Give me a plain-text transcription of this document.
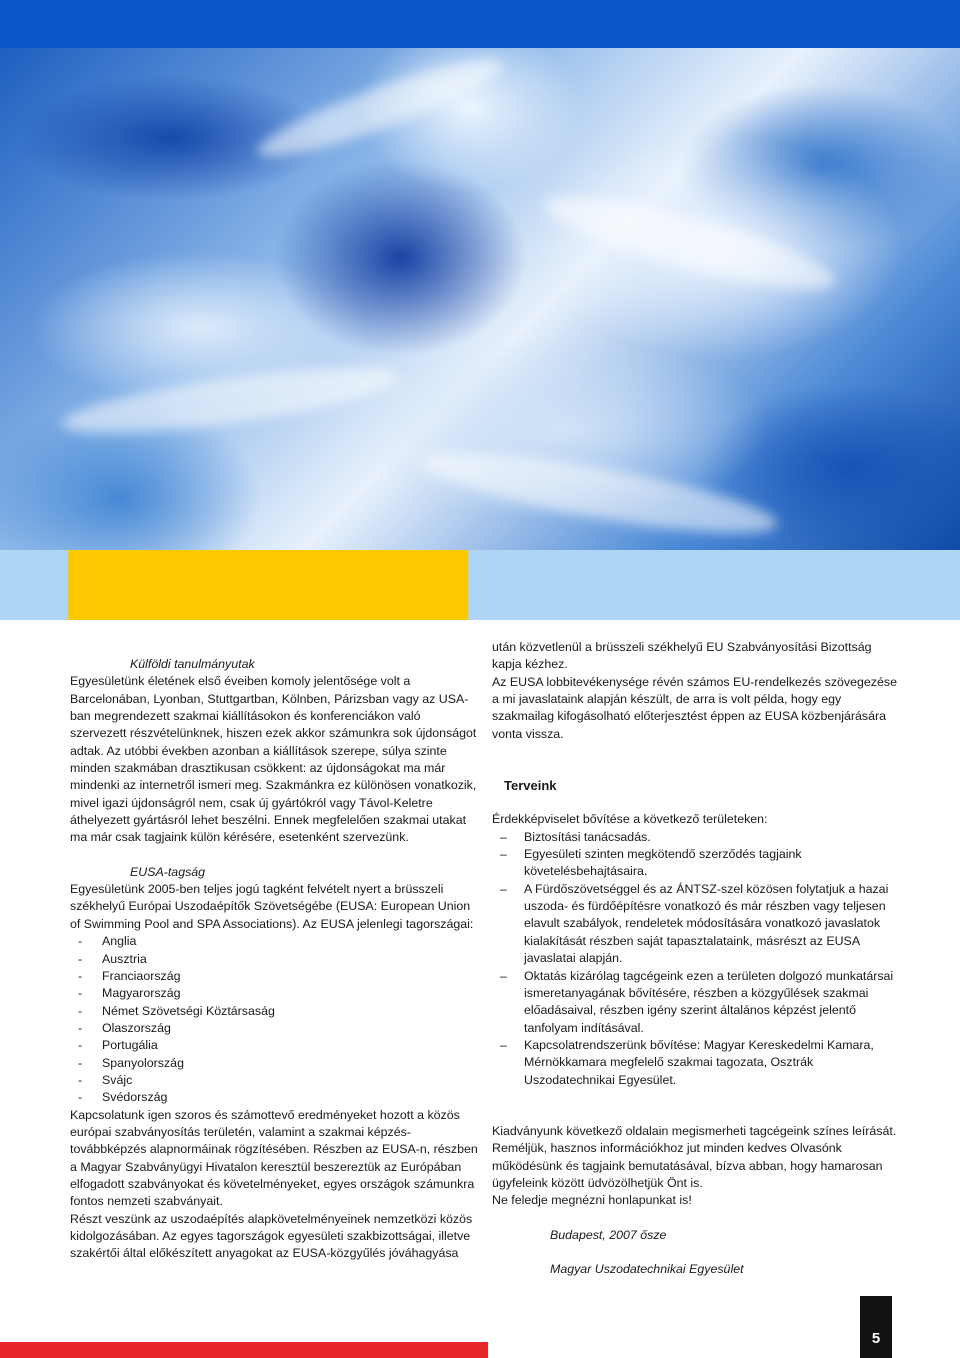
Külföldi tanulmányutak

Egyesületünk életének első éveiben komoly jelentősége volt a Barcelonában, Lyonban, Stuttgartban, Kölnben, Párizsban vagy az USA-ban megrendezett szakmai kiállításokon és konferenciákon való szervezett részvételünknek, hiszen ezek akkor számunkra sok újdonságot adtak. Az utóbbi években azonban a kiállítások szerepe, súlya szinte minden szakmában drasztikusan csökkent: az újdonságokat ma már mindenki az internetről ismeri meg. Szakmánkra ez különösen vonatkozik, mivel igazi újdonságról nem, csak új gyártókról vagy Távol-Keletre áthelyezett gyártásról lehet beszélni. Ennek megfelelően szakmai utakat ma már csak tagjaink külön kérésére, esetenként szervezünk.

EUSA-tagság

Egyesületünk 2005-ben teljes jogú tagként felvételt nyert a brüsszeli székhelyű Európai Uszodaépítők Szövetségébe (EUSA: European Union of Swimming Pool and SPA Associations). Az EUSA jelenlegi tagországai:

- Anglia
- Ausztria
- Franciaország
- Magyarország
- Német Szövetségi Köztársaság
- Olaszország
- Portugália
- Spanyolország
- Svájc
- Svédország

Kapcsolatunk igen szoros és számottevő eredményeket hozott a közös európai szabványosítás területén, valamint a szakmai képzés-továbbképzés alapnormáinak rögzítésében. Részben az EUSA-n, részben a Magyar Szabványügyi Hivatalon keresztül beszereztük az Európában elfogadott szabványokat és követelményeket, egyes országok számunkra fontos nemzeti szabványait.

Részt veszünk az uszodaépítés alapkövetelményeinek nemzetközi közös kidolgozásában. Az egyes tagországok egyesületi szakbizottságai, illetve szakértői által előkészített anyagokat az EUSA-közgyűlés jóváhagyása

után közvetlenül a brüsszeli székhelyű EU Szabványosítási Bizottság kapja kézhez.

Az EUSA lobbitevékenysége révén számos EU-rendelkezés szövegezése a mi javaslataink alapján készült, de arra is volt példa, hogy egy szakmailag kifogásolható előterjesztést éppen az EUSA közbenjárására vonta vissza.

Terveink

Érdekképviselet bővítése a következő területeken:

– Biztosítási tanácsadás.
– Egyesületi szinten megkötendő szerződés tagjaink követelésbehajtásaira.
– A Fürdőszövetséggel és az ÁNTSZ-szel közösen folytatjuk a hazai uszoda- és fürdőépítésre vonatkozó és már részben vagy teljesen elavult szabályok, rendeletek módosítására vonatkozó javaslatok kialakítását részben saját tapasztalataink, másrészt az EUSA javaslatai alapján.
– Oktatás kizárólag tagcégeink ezen a területen dolgozó munkatársai ismeretanyagának bővítésére, részben a közgyűlések szakmai előadásaival, részben igény szerint általános képzést jelentő tanfolyam indításával.
– Kapcsolatrendszerünk bővítése: Magyar Kereskedelmi Kamara, Mérnökkamara megfelelő szakmai tagozata, Osztrák Uszodatechnikai Egyesület.

Kiadványunk következő oldalain megismerheti tagcégeink színes leírását. Reméljük, hasznos információkhoz jut minden kedves Olvasónk működésünk és tagjaink bemutatásával, bízva abban, hogy hamarosan ügyfeleink között üdvözölhetjük Önt is.

Ne feledje megnézni honlapunkat is!

Budapest, 2007 ősze

Magyar Uszodatechnikai Egyesület

5
